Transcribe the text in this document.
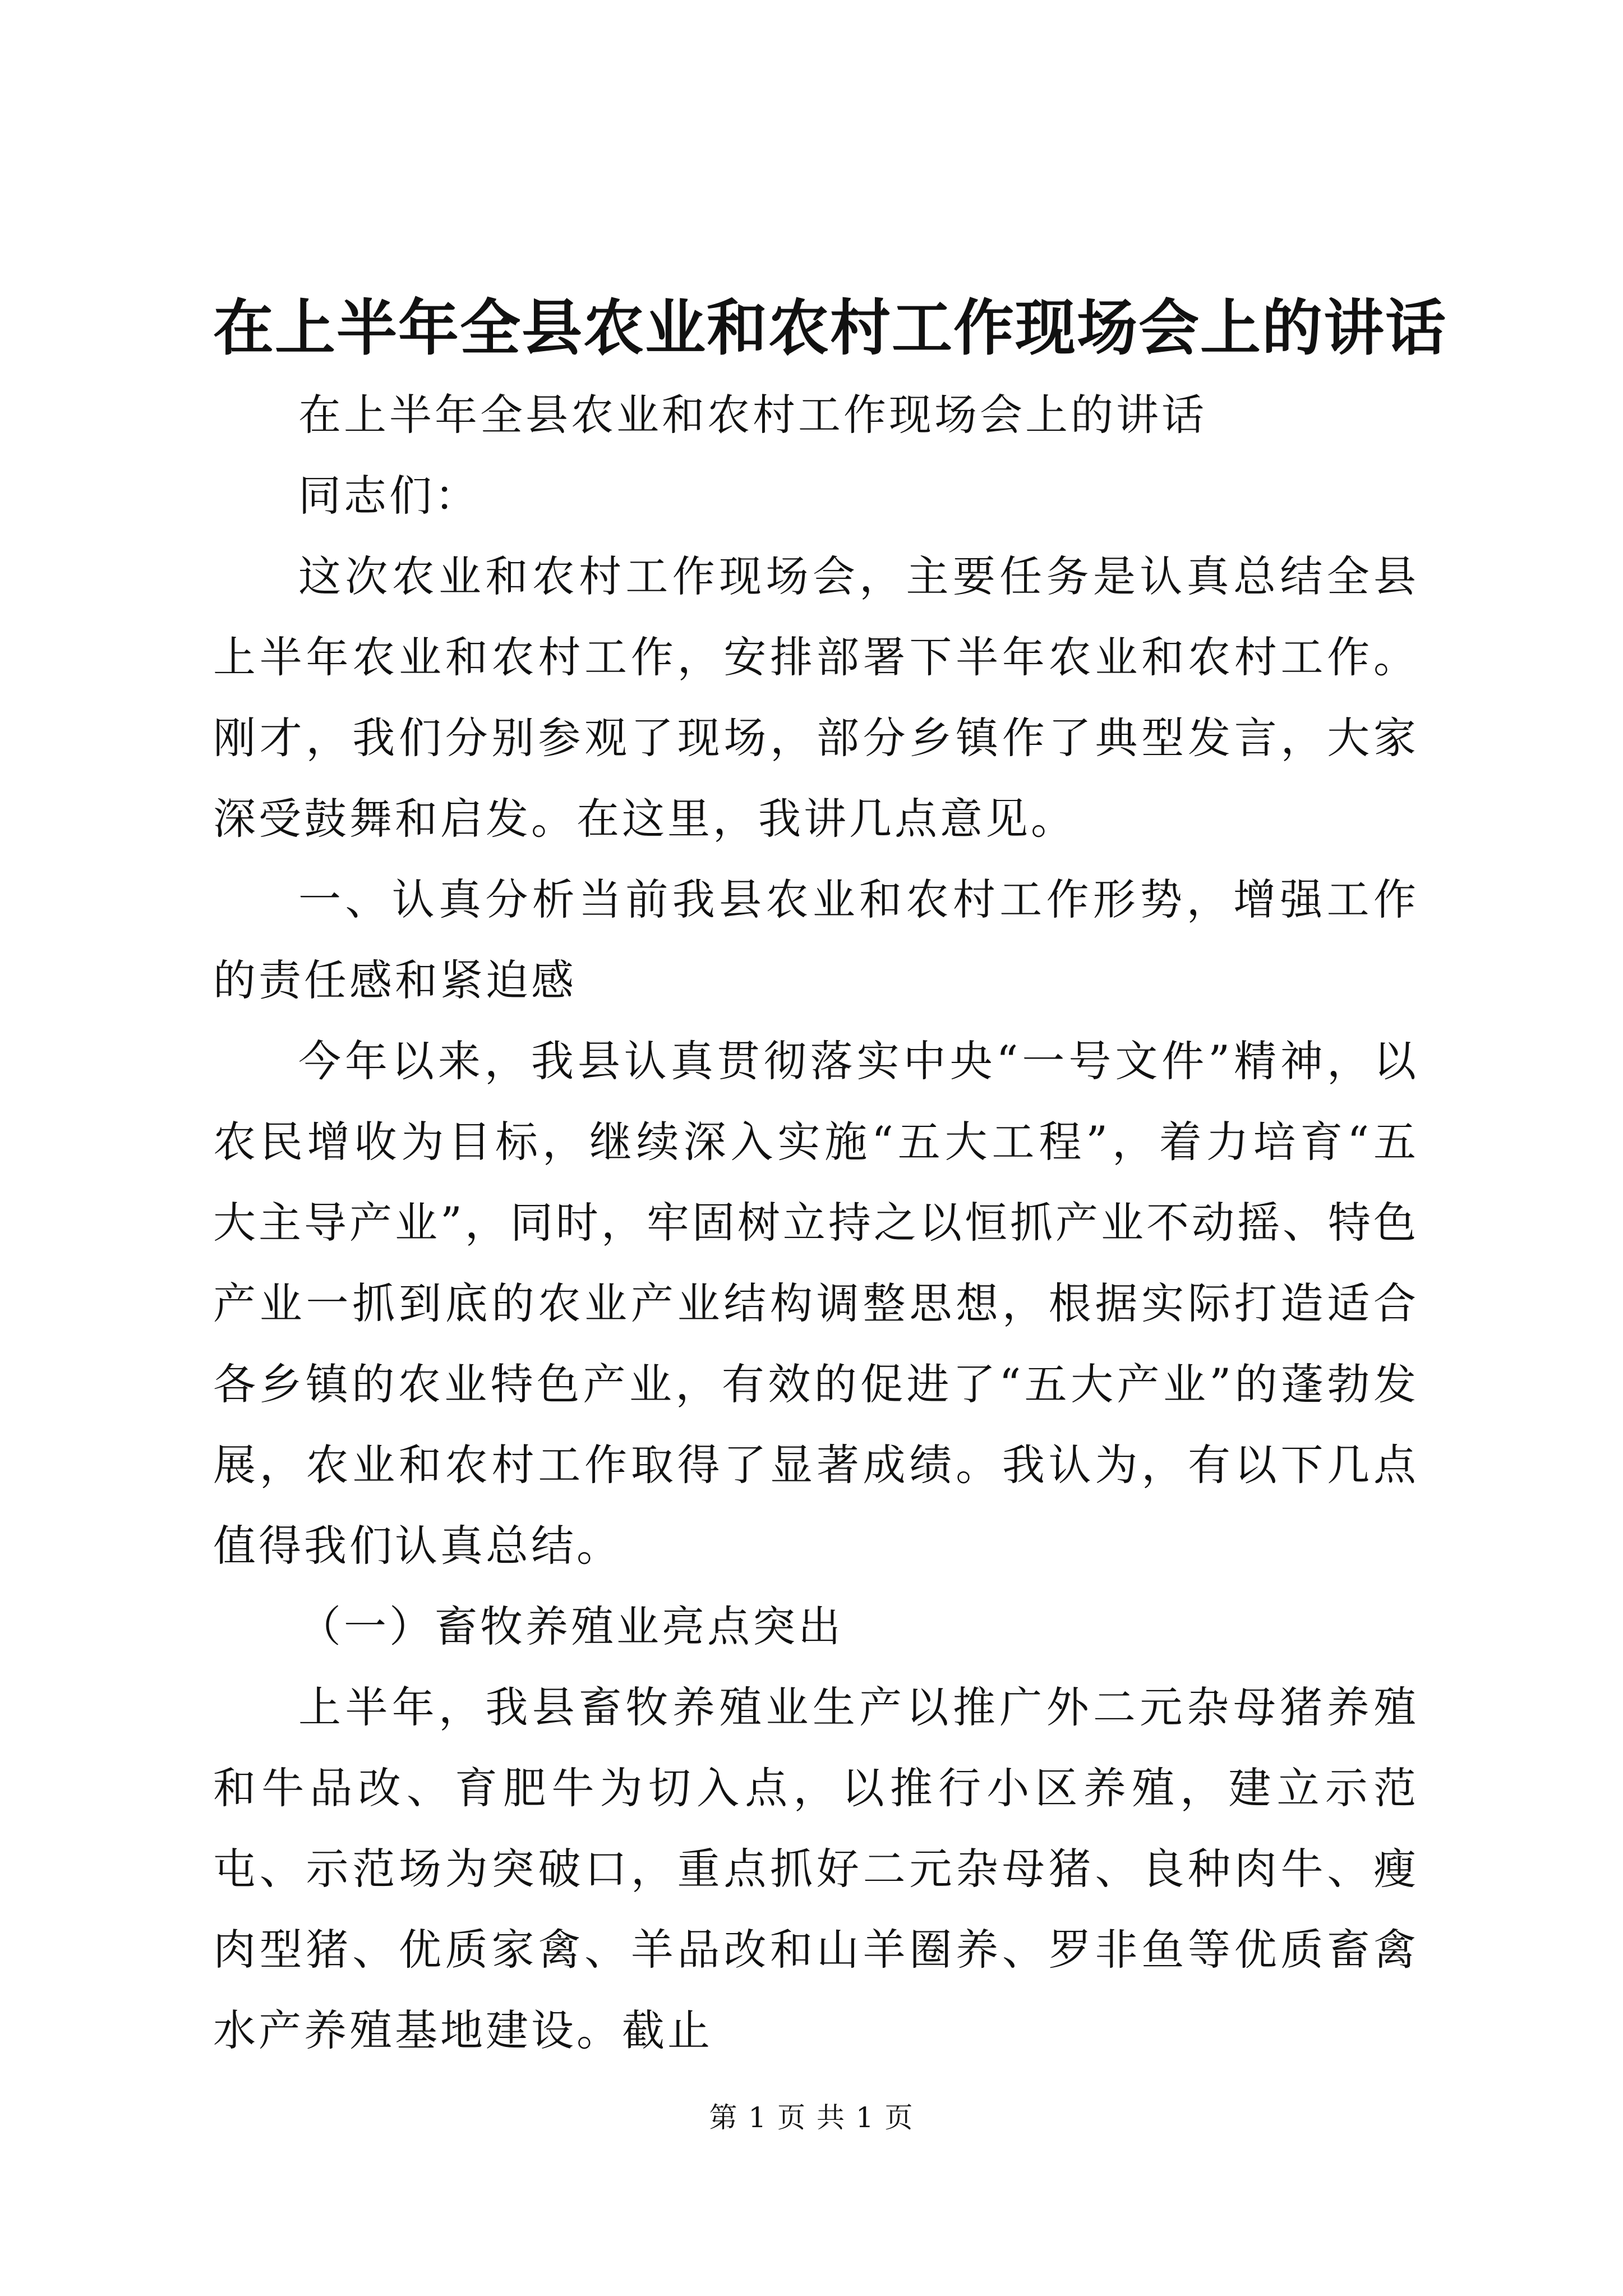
在上半年全县农业和农村工作现场会上的讲话

在上半年全县农业和农村工作现场会上的讲话

同志们：

这次农业和农村工作现场会，主要任务是认真总结全县上半年农业和农村工作，安排部署下半年农业和农村工作。刚才，我们分别参观了现场，部分乡镇作了典型发言，大家深受鼓舞和启发。在这里，我讲几点意见。

一、认真分析当前我县农业和农村工作形势，增强工作的责任感和紧迫感

今年以来，我县认真贯彻落实中央“一号文件”精神，以农民增收为目标，继续深入实施“五大工程”，着力培育“五大主导产业”，同时，牢固树立持之以恒抓产业不动摇、特色产业一抓到底的农业产业结构调整思想，根据实际打造适合各乡镇的农业特色产业，有效的促进了“五大产业”的蓬勃发展，农业和农村工作取得了显著成绩。我认为，有以下几点值得我们认真总结。

（一）畜牧养殖业亮点突出

上半年，我县畜牧养殖业生产以推广外二元杂母猪养殖和牛品改、育肥牛为切入点，以推行小区养殖，建立示范屯、示范场为突破口，重点抓好二元杂母猪、良种肉牛、瘦肉型猪、优质家禽、羊品改和山羊圈养、罗非鱼等优质畜禽水产养殖基地建设。截止

第 1 页 共 1 页
